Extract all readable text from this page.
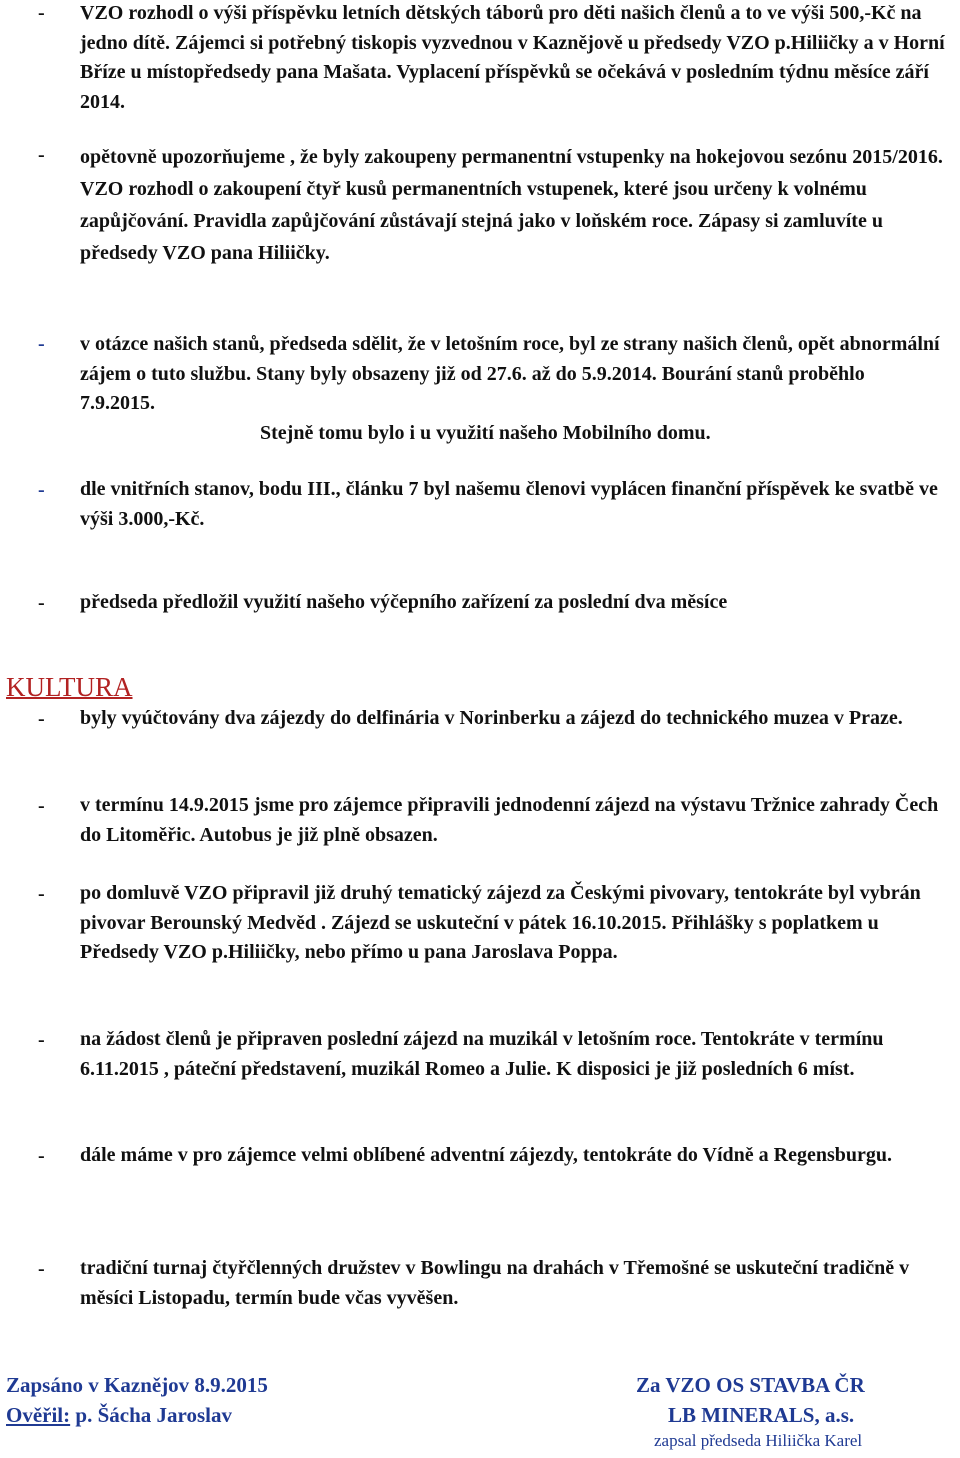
- VZO rozhodl o výši příspěvku letních dětských táborů pro děti našich členů a to ve výši 500,-Kč na jedno dítě. Zájemci si potřebný tiskopis vyzvednou v Kaznějově u předsedy VZO p.Hiliičky a v Horní Bříze u místopředsedy pana Mašata. Vyplacení příspěvků se očekává v posledním týdnu měsíce září 2014.

- opětovně upozorňujeme , že byly zakoupeny permanentní vstupenky na hokejovou sezónu 2015/2016. VZO rozhodl o zakoupení čtyř kusů permanentních vstupenek, které jsou určeny k volnému zapůjčování. Pravidla zapůjčování zůstávají stejná jako v loňském roce. Zápasy si zamluvíte u předsedy VZO pana Hiliičky.

- v otázce našich stanů, předseda sdělit, že v letošním roce, byl ze strany našich členů, opět abnormální zájem o tuto službu. Stany byly obsazeny již od 27.6. až do 5.9.2014. Bourání stanů proběhlo 7.9.2015.
Stejně tomu bylo i u využití našeho Mobilního domu.
- dle vnitřních stanov, bodu III., článku 7 byl našemu členovi vyplácen finanční příspěvek ke svatbě ve výši 3.000,-Kč.

- předseda předložil využití našeho výčepního zařízení za poslední dva měsíce

KULTURA
- byly vyúčtovány dva zájezdy do delfinária v Norinberku a zájezd do technického muzea v Praze.

- v termínu 14.9.2015 jsme pro zájemce připravili jednodenní zájezd na výstavu Tržnice zahrady Čech do Litoměřic. Autobus je již plně obsazen.

- po domluvě VZO připravil již druhý tematický zájezd za Českými pivovary, tentokráte byl vybrán pivovar Berounský Medvěd . Zájezd se uskuteční v pátek 16.10.2015. Přihlášky s poplatkem u Předsedy VZO p.Hiliičky, nebo přímo u pana Jaroslava Poppa.

- na žádost členů je připraven poslední zájezd na muzikál v letošním roce. Tentokráte v termínu 6.11.2015 , páteční představení, muzikál Romeo a Julie. K disposici je již posledních 6 míst.

- dále máme v pro zájemce velmi oblíbené adventní zájezdy, tentokráte do Vídně a Regensburgu.

- tradiční turnaj čtyřčlenných družstev v Bowlingu na drahách v Třemošné se uskuteční tradičně v měsíci Listopadu, termín bude včas vyvěšen.

Zapsáno v Kaznějov 8.9.2015
Ověřil: p. Šácha Jaroslav
Za VZO OS STAVBA ČR
LB MINERALS, a.s.
zapsal předseda Hiliička Karel
